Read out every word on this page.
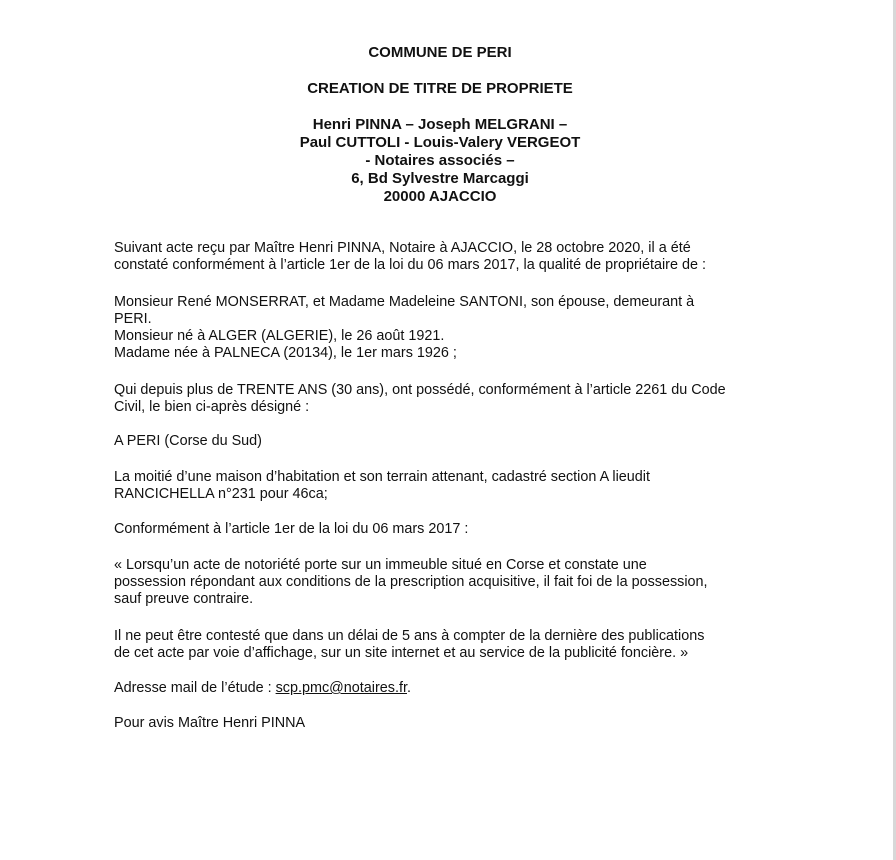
COMMUNE DE PERI
CREATION DE TITRE DE PROPRIETE
Henri PINNA – Joseph MELGRANI –
Paul CUTTOLI - Louis-Valery VERGEOT
- Notaires associés –
6, Bd Sylvestre Marcaggi
20000 AJACCIO

Suivant acte reçu par Maître Henri PINNA, Notaire à AJACCIO, le 28 octobre 2020, il a été
constaté conformément à l’article 1er de la loi du 06 mars 2017, la qualité de propriétaire de :

Monsieur René MONSERRAT, et Madame Madeleine SANTONI, son épouse, demeurant à
PERI.
Monsieur né à ALGER (ALGERIE), le 26 août 1921.
Madame née à PALNECA (20134), le 1er mars 1926 ;

Qui depuis plus de TRENTE ANS (30 ans), ont possédé, conformément à l’article 2261 du Code
Civil, le bien ci-après désigné :

A PERI (Corse du Sud)

La moitié d’une maison d’habitation et son terrain attenant, cadastré section A lieudit
RANCICHELLA n°231 pour 46ca;

Conformément à l’article 1er de la loi du 06 mars 2017 :

« Lorsqu’un acte de notoriété porte sur un immeuble situé en Corse et constate une
possession répondant aux conditions de la prescription acquisitive, il fait foi de la possession,
sauf preuve contraire.

Il ne peut être contesté que dans un délai de 5 ans à compter de la dernière des publications
de cet acte par voie d’affichage, sur un site internet et au service de la publicité foncière. »

Adresse mail de l’étude : scp.pmc@notaires.fr.

Pour avis Maître Henri PINNA
